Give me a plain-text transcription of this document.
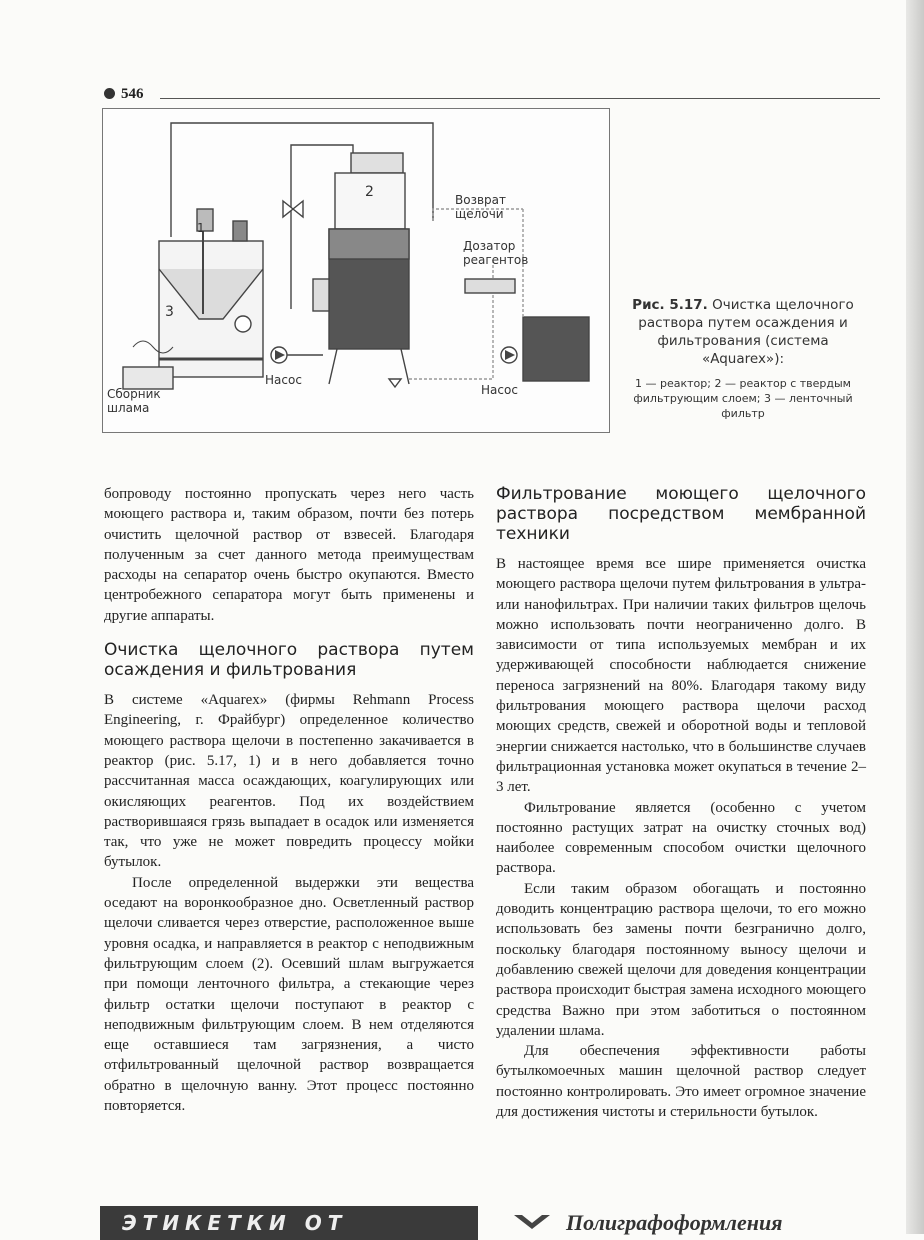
546
1
2
3
Возврат
щелочи
Дозатор
реагентов
Насос
Насос
Сборник
шлама
Рис. 5.17. Очистка щелочного раствора путем осаждения и фильтрования (система «Aquarex»):
1 — реактор; 2 — реактор с твердым фильтрующим слоем; 3 — ленточный фильтр

бопроводу постоянно пропускать через него часть моющего раствора и, таким образом, почти без потерь очистить щелочной раствор от взвесей. Благодаря полученным за счет данного метода преимуществам расходы на сепаратор очень быстро окупаются. Вместо центробежного сепаратора могут быть применены и другие аппараты.

Очистка щелочного раствора путем осаждения и фильтрования

В системе «Aquarex» (фирмы Rehmann Process Engineering, г. Фрайбург) определенное количество моющего раствора щелочи в постепенно закачивается в реактор (рис. 5.17, 1) и в него добавляется точно рассчитанная масса осаждающих, коагулирующих или окисляющих реагентов. Под их воздействием растворившаяся грязь выпадает в осадок или изменяется так, что уже не может повредить процессу мойки бутылок.

После определенной выдержки эти вещества оседают на воронкообразное дно. Осветленный раствор щелочи сливается через отверстие, расположенное выше уровня осадка, и направляется в реактор с неподвижным фильтрующим слоем (2). Осевший шлам выгружается при помощи ленточного фильтра, а стекающие через фильтр остатки щелочи поступают в реактор с неподвижным фильтрующим слоем. В нем отделяются еще оставшиеся там загрязнения, а чисто отфильтрованный щелочной раствор возвращается обратно в щелочную ванну. Этот процесс постоянно повторяется.

Фильтрование моющего щелочного раствора посредством мембранной техники

В настоящее время все шире применяется очистка моющего раствора щелочи путем фильтрования в ультра- или нанофильтрах. При наличии таких фильтров щелочь можно использовать почти неограниченно долго. В зависимости от типа используемых мембран и их удерживающей способности наблюдается снижение переноса загрязнений на 80%. Благодаря такому виду фильтрования моющего раствора щелочи расход моющих средств, свежей и оборотной воды и тепловой энергии снижается настолько, что в большинстве случаев фильтрационная установка может окупаться в течение 2–3 лет.

Фильтрование является (особенно с учетом постоянно растущих затрат на очистку сточных вод) наиболее современным способом очистки щелочного раствора.

Если таким образом обогащать и постоянно доводить концентрацию раствора щелочи, то его можно использовать без замены почти безгранично долго, поскольку благодаря постоянному выносу щелочи и добавлению свежей щелочи для доведения концентрации раствора происходит быстрая замена исходного моющего средства Важно при этом заботиться о постоянном удалении шлама.

Для обеспечения эффективности работы бутылкомоечных машин щелочной раствор следует постоянно контролировать. Это имеет огромное значение для достижения чистоты и стерильности бутылок.

ЭТИКЕТКИ ОТ	Полиграфоформления
